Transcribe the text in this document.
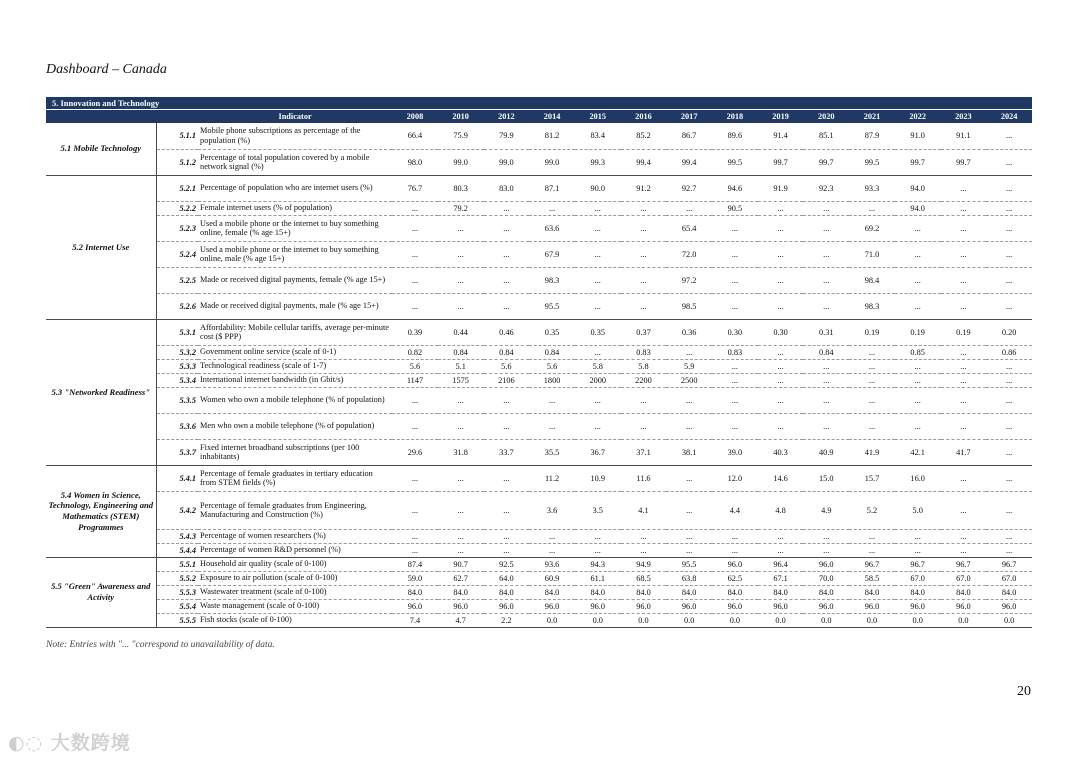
Dashboard – Canada
5. Innovation and Technology
		Indicator	2008	2010	2012	2014	2015	2016	2017	2018	2019	2020	2021	2022	2023	2024
5.1 Mobile Technology	5.1.1	Mobile phone subscriptions as percentage of the population (%)	66.4	75.9	79.9	81.2	83.4	85.2	86.7	89.6	91.4	85.1	87.9	91.0	91.1	...
	5.1.2	Percentage of total population covered by a mobile network signal (%)	98.0	99.0	99.0	99.0	99.3	99.4	99.4	99.5	99.7	99.7	99.5	99.7	99.7	...
5.2 Internet Use	5.2.1	Percentage of population who are internet users (%)	76.7	80.3	83.0	87.1	90.0	91.2	92.7	94.6	91.9	92.3	93.3	94.0	...	...
	5.2.2	Female internet users (% of population)	...	79.2	...	...	...	...	...	90.5	...	...	...	94.0	...	...
	5.2.3	Used a mobile phone or the internet to buy something online, female (% age 15+)	...	...	...	63.6	...	...	65.4	...	...	...	69.2	...	...	...
	5.2.4	Used a mobile phone or the internet to buy something online, male (% age 15+)	...	...	...	67.9	...	...	72.0	...	...	...	71.0	...	...	...
	5.2.5	Made or received digital payments, female (% age 15+)	...	...	...	98.3	...	...	97.2	...	...	...	98.4	...	...	...
	5.2.6	Made or received digital payments, male (% age 15+)	...	...	...	95.5	...	...	98.5	...	...	...	98.3	...	...	...
5.3 "Networked Readiness"	5.3.1	Affordability: Mobile cellular tariffs, average per-minute cost ($ PPP)	0.39	0.44	0.46	0.35	0.35	0.37	0.36	0.30	0.30	0.31	0.19	0.19	0.19	0.20
	5.3.2	Government online service (scale of 0-1)	0.82	0.84	0.84	0.84	...	0.83	...	0.83	...	0.84	...	0.85	...	0.86
	5.3.3	Technological readiness (scale of 1-7)	5.6	5.1	5.6	5.6	5.8	5.8	5.9	...	...	...	...	...	...	...
	5.3.4	International internet bandwidth (in Gbit/s)	1147	1575	2106	1800	2000	2200	2500	...	...	...	...	...	...	...
	5.3.5	Women who own a mobile telephone (% of population)	...	...	...	...	...	...	...	...	...	...	...	...	...	...
	5.3.6	Men who own a mobile telephone (% of population)	...	...	...	...	...	...	...	...	...	...	...	...	...	...
	5.3.7	Fixed internet broadband subscriptions (per 100 inhabitants)	29.6	31.8	33.7	35.5	36.7	37.1	38.1	39.0	40.3	40.9	41.9	42.1	41.7	...
5.4 Women in Science, Technology, Engineering and Mathematics (STEM) Programmes	5.4.1	Percentage of female graduates in tertiary education from STEM fields (%)	...	...	...	11.2	10.9	11.6	...	12.0	14.6	15.0	15.7	16.0	...	...
	5.4.2	Percentage of female graduates from Engineering, Manufacturing and Construction (%)	...	...	...	3.6	3.5	4.1	...	4.4	4.8	4.9	5.2	5.0	...	...
	5.4.3	Percentage of women researchers (%)	...	...	...	...	...	...	...	...	...	...	...	...	...	...
	5.4.4	Percentage of women R&D personnel (%)	...	...	...	...	...	...	...	...	...	...	...	...	...	...
5.5 "Green" Awareness and Activity	5.5.1	Household air quality (scale of 0-100)	87.4	90.7	92.5	93.6	94.3	94.9	95.5	96.0	96.4	96.0	96.7	96.7	96.7	96.7
	5.5.2	Exposure to air pollution (scale of 0-100)	59.0	62.7	64.0	60.9	61.1	68.5	63.8	62.5	67.1	70.0	58.5	67.0	67.0	67.0
	5.5.3	Wastewater treatment (scale of 0-100)	84.0	84.0	84.0	84.0	84.0	84.0	84.0	84.0	84.0	84.0	84.0	84.0	84.0	84.0
	5.5.4	Waste management (scale of 0-100)	96.0	96.0	96.0	96.0	96.0	96.0	96.0	96.0	96.0	96.0	96.0	96.0	96.0	96.0
	5.5.5	Fish stocks (scale of 0-100)	7.4	4.7	2.2	0.0	0.0	0.0	0.0	0.0	0.0	0.0	0.0	0.0	0.0	0.0
Note: Entries with "... "correspond to unavailability of data.
20
◐◌ 大数跨境
